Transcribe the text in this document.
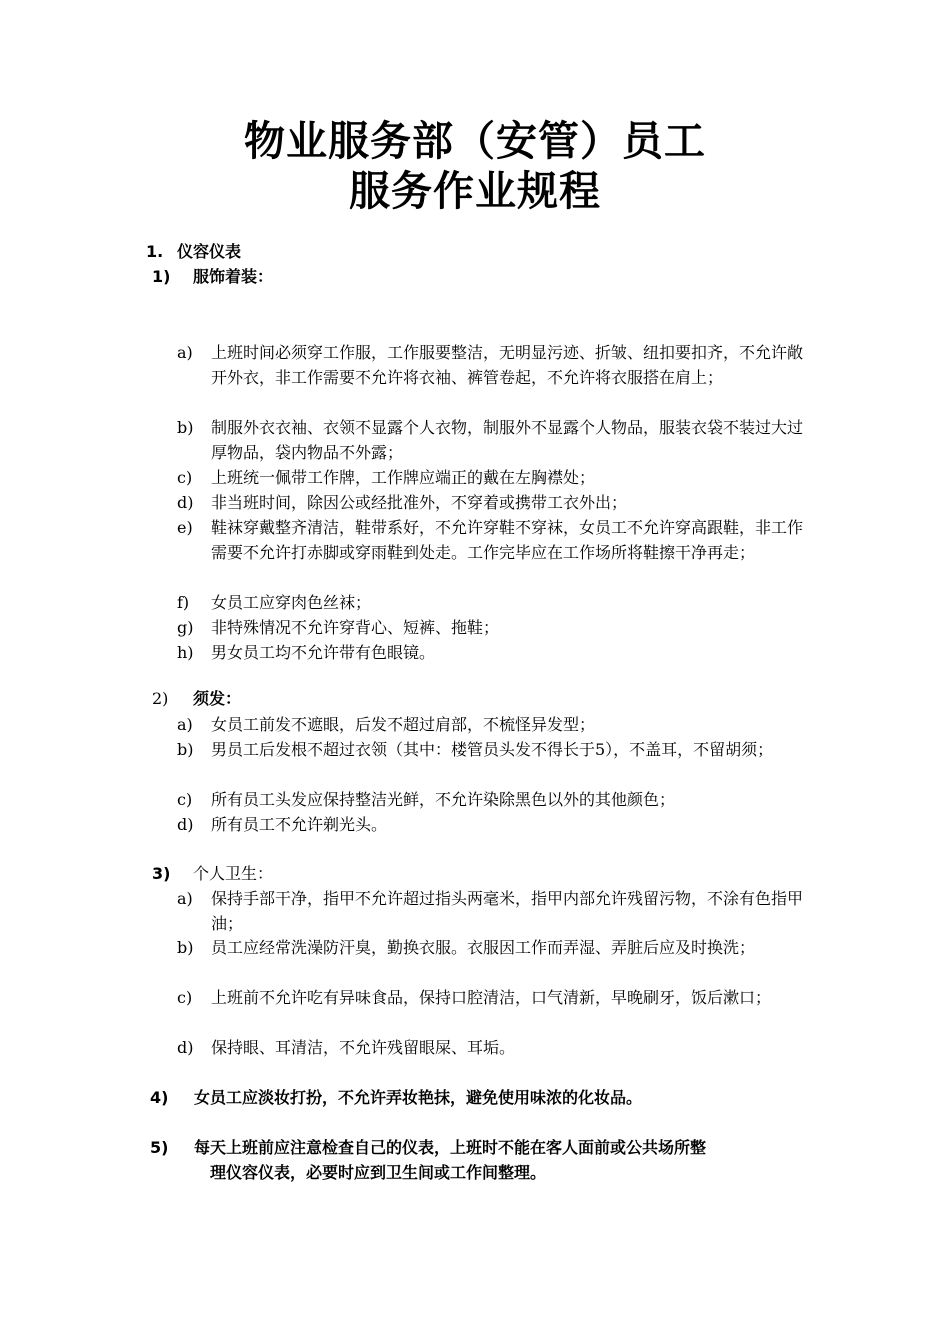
物业服务部（安管）员工
服务作业规程
1. 仪容仪表
1) 服饰着装：
a) 上班时间必须穿工作服，工作服要整洁，无明显污迹、折皱、纽扣要扣齐，不允许敞开外衣，非工作需要不允许将衣袖、裤管卷起，不允许将衣服搭在肩上；
b) 制服外衣衣袖、衣领不显露个人衣物，制服外不显露个人物品，服装衣袋不装过大过厚物品，袋内物品不外露；
c) 上班统一佩带工作牌，工作牌应端正的戴在左胸襟处；
d) 非当班时间，除因公或经批准外，不穿着或携带工衣外出；
e) 鞋袜穿戴整齐清洁，鞋带系好，不允许穿鞋不穿袜，女员工不允许穿高跟鞋，非工作需要不允许打赤脚或穿雨鞋到处走。工作完毕应在工作场所将鞋擦干净再走；
f) 女员工应穿肉色丝袜；
g) 非特殊情况不允许穿背心、短裤、拖鞋；
h) 男女员工均不允许带有色眼镜。
2) 须发：
a) 女员工前发不遮眼，后发不超过肩部，不梳怪异发型；
b) 男员工后发根不超过衣领（其中：楼管员头发不得长于5），不盖耳，不留胡须；
c) 所有员工头发应保持整洁光鲜，不允许染除黑色以外的其他颜色；
d) 所有员工不允许剃光头。
3) 个人卫生：
a) 保持手部干净，指甲不允许超过指头两毫米，指甲内部允许残留污物，不涂有色指甲油；
b) 员工应经常洗澡防汗臭，勤换衣服。衣服因工作而弄湿、弄脏后应及时换洗；
c) 上班前不允许吃有异味食品，保持口腔清洁，口气清新，早晚刷牙，饭后漱口；
d) 保持眼、耳清洁，不允许残留眼屎、耳垢。
4) 女员工应淡妆打扮，不允许弄妆艳抹，避免使用味浓的化妆品。
5) 每天上班前应注意检查自己的仪表，上班时不能在客人面前或公共场所整
理仪容仪表，必要时应到卫生间或工作间整理。
